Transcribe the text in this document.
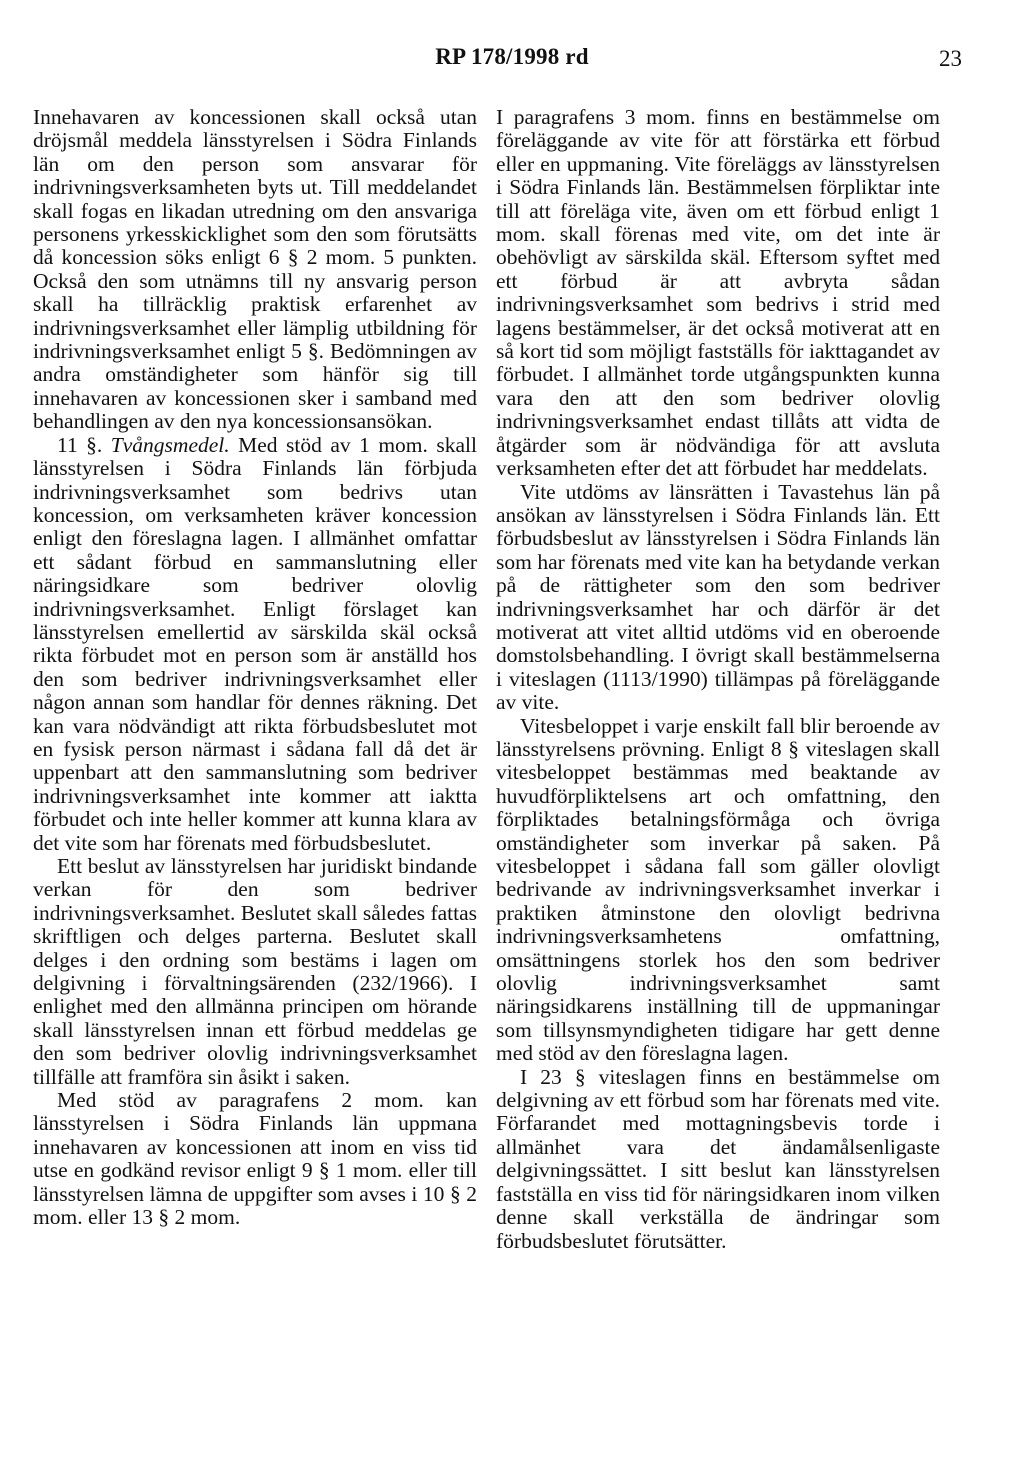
RP 178/1998 rd	23

Innehavaren av koncessionen skall också utan dröjsmål meddela länsstyrelsen i Södra Finlands län om den person som ansvarar för indrivningsverksamheten byts ut. Till meddelandet skall fogas en likadan utredning om den ansvariga personens yrkesskicklighet som den som förutsätts då koncession söks enligt 6 § 2 mom. 5 punkten. Också den som utnämns till ny ansvarig person skall ha tillräcklig praktisk erfarenhet av indrivningsverksamhet eller lämplig utbildning för indrivningsverksamhet enligt 5 §. Bedömningen av andra omständigheter som hänför sig till innehavaren av koncessionen sker i samband med behandlingen av den nya koncessionsansökan.

11 §. Tvångsmedel. Med stöd av 1 mom. skall länsstyrelsen i Södra Finlands län förbjuda indrivningsverksamhet som bedrivs utan koncession, om verksamheten kräver koncession enligt den föreslagna lagen. I allmänhet omfattar ett sådant förbud en sammanslutning eller näringsidkare som bedriver olovlig indrivningsverksamhet. Enligt förslaget kan länsstyrelsen emellertid av särskilda skäl också rikta förbudet mot en person som är anställd hos den som bedriver indrivningsverksamhet eller någon annan som handlar för dennes räkning. Det kan vara nödvändigt att rikta förbudsbeslutet mot en fysisk person närmast i sådana fall då det är uppenbart att den sammanslutning som bedriver indrivningsverksamhet inte kommer att iaktta förbudet och inte heller kommer att kunna klara av det vite som har förenats med förbudsbeslutet.

Ett beslut av länsstyrelsen har juridiskt bindande verkan för den som bedriver indrivningsverksamhet. Beslutet skall således fattas skriftligen och delges parterna. Beslutet skall delges i den ordning som bestäms i lagen om delgivning i förvaltningsärenden (232/1966). I enlighet med den allmänna principen om hörande skall länsstyrelsen innan ett förbud meddelas ge den som bedriver olovlig indrivningsverksamhet tillfälle att framföra sin åsikt i saken.

Med stöd av paragrafens 2 mom. kan länsstyrelsen i Södra Finlands län uppmana innehavaren av koncessionen att inom en viss tid utse en godkänd revisor enligt 9 § 1 mom. eller till länsstyrelsen lämna de uppgifter som avses i 10 § 2 mom. eller 13 § 2 mom.

I paragrafens 3 mom. finns en bestämmelse om föreläggande av vite för att förstärka ett förbud eller en uppmaning. Vite föreläggs av länsstyrelsen i Södra Finlands län. Bestämmelsen förpliktar inte till att föreläga vite, även om ett förbud enligt 1 mom. skall förenas med vite, om det inte är obehövligt av särskilda skäl. Eftersom syftet med ett förbud är att avbryta sådan indrivningsverksamhet som bedrivs i strid med lagens bestämmelser, är det också motiverat att en så kort tid som möjligt fastställs för iakttagandet av förbudet. I allmänhet torde utgångspunkten kunna vara den att den som bedriver olovlig indrivningsverksamhet endast tillåts att vidta de åtgärder som är nödvändiga för att avsluta verksamheten efter det att förbudet har meddelats.

Vite utdöms av länsrätten i Tavastehus län på ansökan av länsstyrelsen i Södra Finlands län. Ett förbudsbeslut av länsstyrelsen i Södra Finlands län som har förenats med vite kan ha betydande verkan på de rättigheter som den som bedriver indrivningsverksamhet har och därför är det motiverat att vitet alltid utdöms vid en oberoende domstolsbehandling. I övrigt skall bestämmelserna i viteslagen (1113/1990) tillämpas på föreläggande av vite.

Vitesbeloppet i varje enskilt fall blir beroende av länsstyrelsens prövning. Enligt 8 § viteslagen skall vitesbeloppet bestämmas med beaktande av huvudförpliktelsens art och omfattning, den förpliktades betalningsförmåga och övriga omständigheter som inverkar på saken. På vitesbeloppet i sådana fall som gäller olovligt bedrivande av indrivningsverksamhet inverkar i praktiken åtminstone den olovligt bedrivna indrivningsverksamhetens omfattning, omsättningens storlek hos den som bedriver olovlig indrivningsverksamhet samt näringsidkarens inställning till de uppmaningar som tillsynsmyndigheten tidigare har gett denne med stöd av den föreslagna lagen.

I 23 § viteslagen finns en bestämmelse om delgivning av ett förbud som har förenats med vite. Förfarandet med mottagningsbevis torde i allmänhet vara det ändamålsenligaste delgivningssättet. I sitt beslut kan länsstyrelsen fastställa en viss tid för näringsidkaren inom vilken denne skall verkställa de ändringar som förbudsbeslutet förutsätter.
